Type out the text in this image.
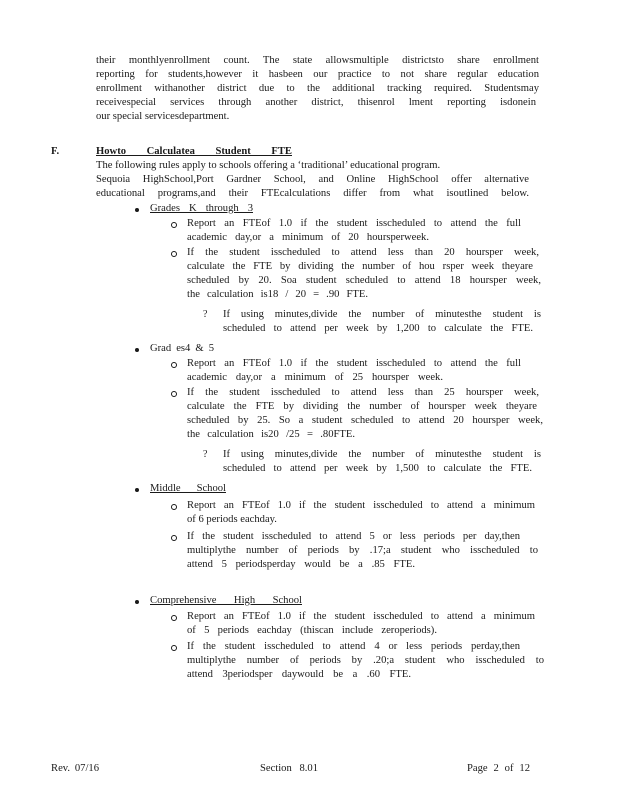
their monthlyenrollment count. The state allowsmultiple districtsto share enrollment
reporting for students,however it hasbeen our practice to not share regular education
enrollment withanother district due to the additional tracking required. Studentsmay
receivespecial services through another district, thisenrol lment reporting isdonein
our special servicesdepartment.
F.	Howto Calculatea Student FTE
The following rules apply to schools offering a ‘traditional’ educational program.
Sequoia HighSchool,Port Gardner School, and Online HighSchool offer alternative
educational programs,and their FTEcalculations differ from what isoutlined below.
Grades K through 3
Report an FTEof 1.0 if the student isscheduled to attend the full
academic day,or a minimum of 20 hoursperweek.
If the student isscheduled to attend less than 20 hoursper week,
calculate the FTE by dividing the number of hou rsper week theyare
scheduled by 20. Soa student scheduled to attend 18 hoursper week,
the calculation is18 / 20 = .90 FTE.
? If using minutes,divide the number of minutesthe student is
scheduled to attend per week by 1,200 to calculate the FTE.
Grad es4 & 5
Report an FTEof 1.0 if the student isscheduled to attend the full
academic day,or a minimum of 25 hoursper week.
If the student isscheduled to attend less than 25 hoursper week,
calculate the FTE by dividing the number of hoursper week theyare
scheduled by 25. So a student scheduled to attend 20 hoursper week,
the calculation is20 /25 = .80FTE.
? If using minutes,divide the number of minutesthe student is
scheduled to attend per week by 1,500 to calculate the FTE.
Middle School
Report an FTEof 1.0 if the student isscheduled to attend a minimum
of 6 periods eachday.
If the student isscheduled to attend 5 or less periods per day,then
multiplythe number of periods by .17;a student who isscheduled to
attend 5 periodsperday would be a .85 FTE.
Comprehensive High School
Report an FTEof 1.0 if the student isscheduled to attend a minimum
of 5 periods eachday (thiscan include zeroperiods).
If the student isscheduled to attend 4 or less periods perday,then
multiplythe number of periods by .20;a student who isscheduled to
attend 3periodsper daywould be a .60 FTE.
Rev. 07/16	Section 8.01	Page 2 of 12
